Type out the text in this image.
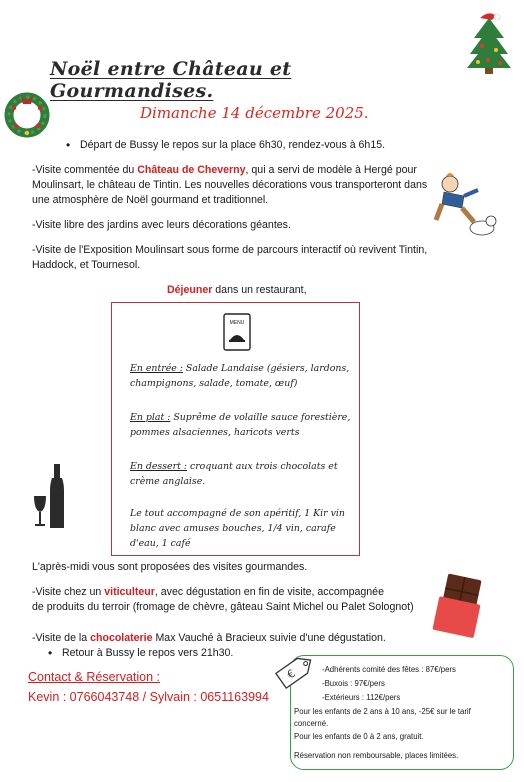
Noël entre Château et Gourmandises.
Dimanche 14 décembre 2025.
• Départ de Bussy le repos sur la place 6h30, rendez-vous à 6h15.
-Visite commentée du Château de Cheverny, qui a servi de modèle à Hergé pour
Moulinsart, le château de Tintin. Les nouvelles décorations vous transporteront dans
une atmosphère de Noël gourmand et traditionnel.
-Visite libre des jardins avec leurs décorations géantes.
-Visite de l'Exposition Moulinsart sous forme de parcours interactif où revivent Tintin,
Haddock, et Tournesol.
Déjeuner dans un restaurant,
MENU
En entrée : Salade Landaise (gésiers, lardons,
champignons, salade, tomate, œuf)
En plat : Suprême de volaille sauce forestière,
pommes alsaciennes, haricots verts
En dessert : croquant aux trois chocolats et
crème anglaise.
Le tout accompagné de son apéritif, 1 Kir vin
blanc avec amuses bouches, 1/4 vin, carafe
d'eau, 1 café
L'après-midi vous sont proposées des visites gourmandes.
-Visite chez un viticulteur, avec dégustation en fin de visite, accompagnée
de produits du terroir (fromage de chèvre, gâteau Saint Michel ou Palet Solognot)
-Visite de la chocolaterie Max Vauché à Bracieux suivie d'une dégustation.
• Retour à Bussy le repos vers 21h30.
Contact & Réservation :
Kevin : 0766043748 / Sylvain : 0651163994
€	-Adhérents comité des fêtes : 87€/pers
-Buxois : 97€/pers
-Extérieurs : 112€/pers
Pour les enfants de 2 ans à 10 ans, -25€ sur le tarif
concerné.
Pour les enfants de 0 à 2 ans, gratuit.
Réservation non remboursable, places limitées.
